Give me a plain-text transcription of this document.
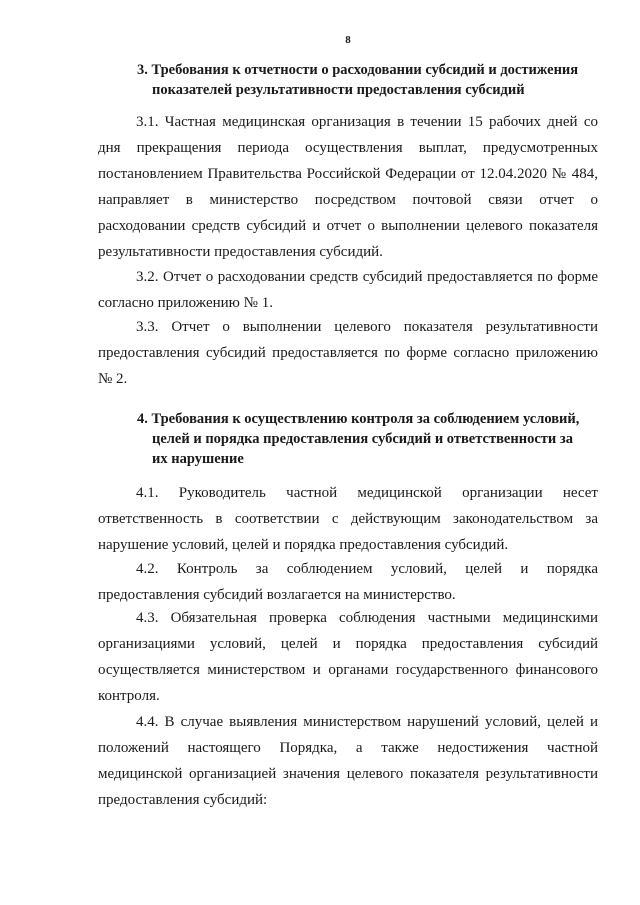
8
3. Требования к отчетности о расходовании субсидий и достижения
показателей результативности предоставления субсидий
3.1. Частная медицинская организация в течении 15 рабочих дней со
дня прекращения периода осуществления выплат, предусмотренных
постановлением Правительства Российской Федерации от 12.04.2020 № 484,
направляет в министерство посредством почтовой связи отчет о
расходовании средств субсидий и отчет о выполнении целевого показателя
результативности предоставления субсидий.
3.2. Отчет о расходовании средств субсидий предоставляется по форме
согласно приложению № 1.
3.3. Отчет о выполнении целевого показателя результативности
предоставления субсидий предоставляется по форме согласно приложению
№ 2.
4. Требования к осуществлению контроля за соблюдением условий,
целей и порядка предоставления субсидий и ответственности за
их нарушение
4.1. Руководитель частной медицинской организации несет
ответственность в соответствии с действующим законодательством за
нарушение условий, целей и порядка предоставления субсидий.
4.2. Контроль за соблюдением условий, целей и порядка
предоставления субсидий возлагается на министерство.
4.3. Обязательная проверка соблюдения частными медицинскими
организациями условий, целей и порядка предоставления субсидий
осуществляется министерством и органами государственного финансового
контроля.
4.4. В случае выявления министерством нарушений условий, целей и
положений настоящего Порядка, а также недостижения частной
медицинской организацией значения целевого показателя результативности
предоставления субсидий:
